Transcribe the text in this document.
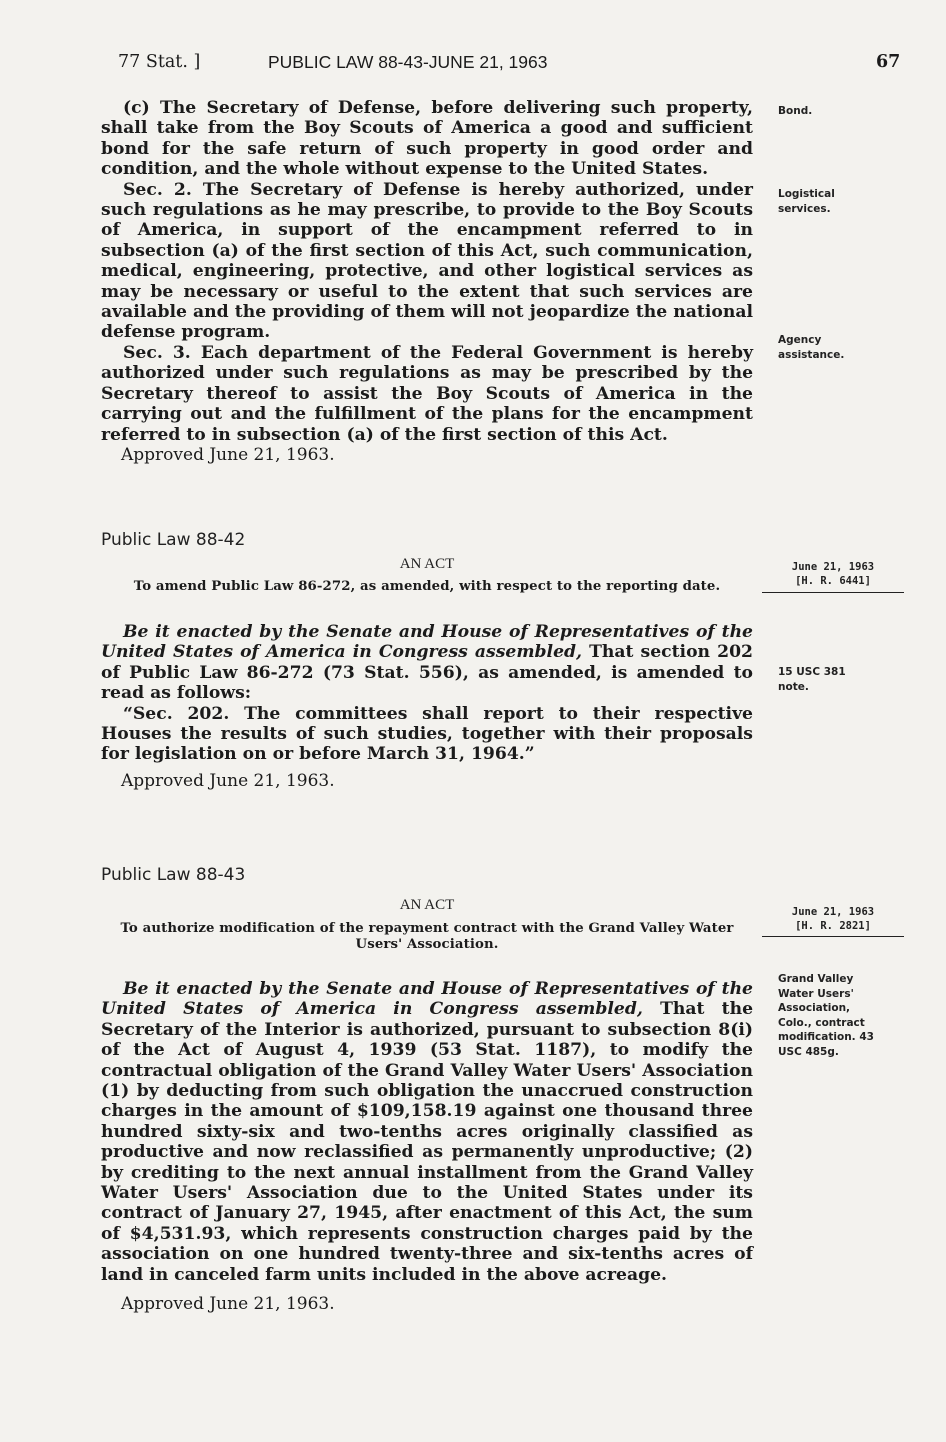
77 Stat. ]	PUBLIC LAW 88-43-JUNE 21, 1963	67

(c) The Secretary of Defense, before delivering such property, shall take from the Boy Scouts of America a good and sufficient bond for the safe return of such property in good order and condition, and the whole without expense to the United States.

Sec. 2. The Secretary of Defense is hereby authorized, under such regulations as he may prescribe, to provide to the Boy Scouts of America, in support of the encampment referred to in subsection (a) of the first section of this Act, such communication, medical, engineering, protective, and other logistical services as may be necessary or useful to the extent that such services are available and the providing of them will not jeopardize the national defense program.

Sec. 3. Each department of the Federal Government is hereby authorized under such regulations as may be prescribed by the Secretary thereof to assist the Boy Scouts of America in the carrying out and the fulfillment of the plans for the encampment referred to in subsection (a) of the first section of this Act.

Approved June 21, 1963.
Bond.
Logistical services.
Agency assistance.
Public Law 88-42
AN ACT
To amend Public Law 86-272, as amended, with respect to the reporting date.
June 21, 1963
[H. R. 6441]

Be it enacted by the Senate and House of Representatives of the United States of America in Congress assembled, That section 202 of Public Law 86-272 (73 Stat. 556), as amended, is amended to read as follows:

“Sec. 202. The committees shall report to their respective Houses the results of such studies, together with their proposals for legislation on or before March 31, 1964.”

15 USC 381 note.
Approved June 21, 1963.
Public Law 88-43
AN ACT
To authorize modification of the repayment contract with the Grand Valley Water Users' Association.
June 21, 1963
[H. R. 2821]

Be it enacted by the Senate and House of Representatives of the United States of America in Congress assembled, That the Secretary of the Interior is authorized, pursuant to subsection 8(i) of the Act of August 4, 1939 (53 Stat. 1187), to modify the contractual obligation of the Grand Valley Water Users' Association (1) by deducting from such obligation the unaccrued construction charges in the amount of $109,158.19 against one thousand three hundred sixty-six and two-tenths acres originally classified as productive and now reclassified as permanently unproductive; (2) by crediting to the next annual installment from the Grand Valley Water Users' Association due to the United States under its contract of January 27, 1945, after enactment of this Act, the sum of $4,531.93, which represents construction charges paid by the association on one hundred twenty-three and six-tenths acres of land in canceled farm units included in the above acreage.

Grand Valley Water Users' Association, Colo., contract modification. 43 USC 485g.
Approved June 21, 1963.
